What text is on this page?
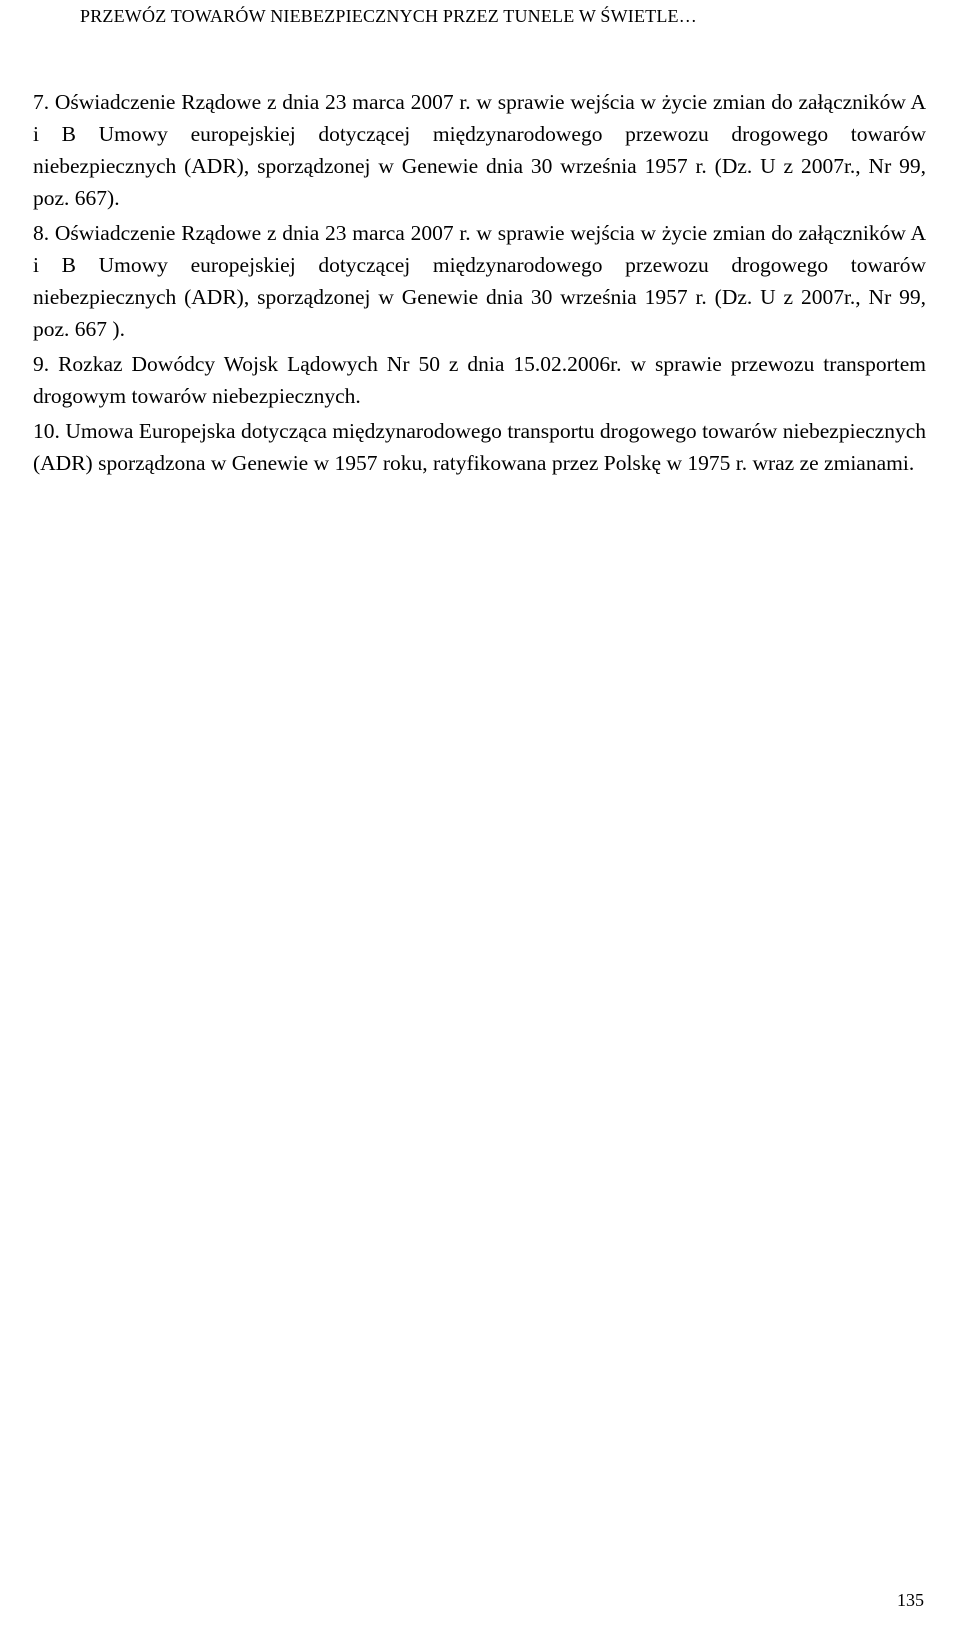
PRZEWÓZ TOWARÓW NIEBEZPIECZNYCH PRZEZ TUNELE W ŚWIETLE…
7. Oświadczenie Rządowe z dnia 23 marca 2007 r. w sprawie wejścia w życie zmian do załączników A i B Umowy europejskiej dotyczącej międzynarodowego przewozu drogowego towarów niebezpiecznych (ADR), sporządzonej w Genewie dnia 30 września 1957 r. (Dz. U z 2007r., Nr 99, poz. 667).
8. Oświadczenie Rządowe z dnia 23 marca 2007 r. w sprawie wejścia w życie zmian do załączników A i B Umowy europejskiej dotyczącej międzynarodowego przewozu drogowego towarów niebezpiecznych (ADR), sporządzonej w Genewie dnia 30 września 1957 r. (Dz. U z 2007r., Nr 99, poz. 667 ).
9. Rozkaz Dowódcy Wojsk Lądowych Nr 50 z dnia 15.02.2006r. w sprawie przewozu transportem drogowym towarów niebezpiecznych.
10. Umowa Europejska dotycząca międzynarodowego transportu drogowego towarów niebezpiecznych (ADR) sporządzona w Genewie w 1957 roku, ratyfikowana przez Polskę w 1975 r. wraz ze zmianami.
135
